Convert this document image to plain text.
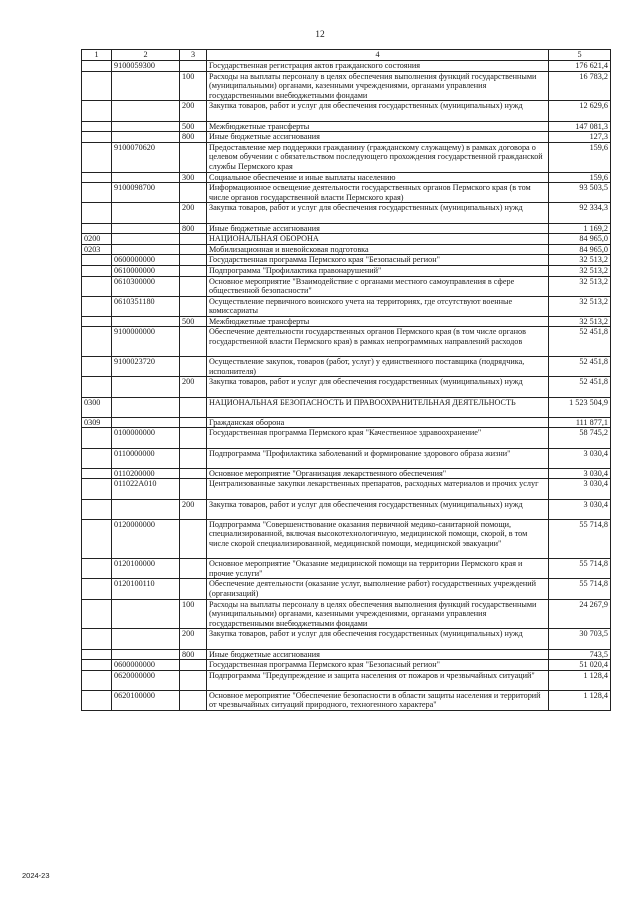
12
1	2	3	4	5
	9100059300		Государственная регистрация актов гражданского состояния	176 621,4
		100	Расходы на выплаты персоналу в целях обеспечения выполнения функций государственными (муниципальными) органами, казенными учреждениями, органами управления государственными внебюджетными фондами	16 783,2
		200	Закупка товаров, работ и услуг для обеспечения государственных (муниципальных) нужд	12 629,6
		500	Межбюджетные трансферты	147 081,3
		800	Иные бюджетные ассигнования	127,3
	9100070620		Предоставление мер поддержки гражданину (гражданскому служащему) в рамках договора о целевом обучении с обязательством последующего прохождения государственной гражданской службы Пермского края	159,6
		300	Социальное обеспечение и иные выплаты населению	159,6
	9100098700		Информационное освещение деятельности государственных органов Пермского края (в том числе органов государственной власти Пермского края)	93 503,5
		200	Закупка товаров, работ и услуг для обеспечения государственных (муниципальных) нужд	92 334,3
		800	Иные бюджетные ассигнования	1 169,2
0200			НАЦИОНАЛЬНАЯ ОБОРОНА	84 965,0
0203			Мобилизационная и вневойсковая подготовка	84 965,0
	0600000000		Государственная программа Пермского края "Безопасный регион"	32 513,2
	0610000000		Подпрограмма "Профилактика правонарушений"	32 513,2
	0610300000		Основное мероприятие "Взаимодействие с органами местного самоуправления в сфере общественной безопасности"	32 513,2
	0610351180		Осуществление первичного воинского учета на территориях, где отсутствуют военные комиссариаты	32 513,2
		500	Межбюджетные трансферты	32 513,2
	9100000000		Обеспечение деятельности государственных органов Пермского края (в том числе органов государственной власти Пермского края) в рамках непрограммных направлений расходов	52 451,8
	9100023720		Осуществление закупок, товаров (работ, услуг) у единственного поставщика (подрядчика, исполнителя)	52 451,8
		200	Закупка товаров, работ и услуг для обеспечения государственных (муниципальных) нужд	52 451,8
0300			НАЦИОНАЛЬНАЯ БЕЗОПАСНОСТЬ И ПРАВООХРАНИТЕЛЬНАЯ ДЕЯТЕЛЬНОСТЬ	1 523 504,9
0309			Гражданская оборона	111 877,1
	0100000000		Государственная программа Пермского края "Качественное здравоохранение"	58 745,2
	0110000000		Подпрограмма "Профилактика заболеваний и формирование здорового образа жизни"	3 030,4
	0110200000		Основное мероприятие "Организация лекарственного обеспечения"	3 030,4
	011022А010		Централизованные закупки лекарственных препаратов, расходных материалов и прочих услуг	3 030,4
		200	Закупка товаров, работ и услуг для обеспечения государственных (муниципальных) нужд	3 030,4
	0120000000		Подпрограмма "Совершенствование оказания первичной медико-санитарной помощи, специализированной, включая высокотехнологичную, медицинской помощи, скорой, в том числе скорой специализированной, медицинской помощи, медицинской эвакуации"	55 714,8
	0120100000		Основное мероприятие "Оказание медицинской помощи на территории Пермского края и прочие услуги"	55 714,8
	0120100110		Обеспечение деятельности (оказание услуг, выполнение работ) государственных учреждений (организаций)	55 714,8
		100	Расходы на выплаты персоналу в целях обеспечения выполнения функций государственными (муниципальными) органами, казенными учреждениями, органами управления государственными внебюджетными фондами	24 267,9
		200	Закупка товаров, работ и услуг для обеспечения государственных (муниципальных) нужд	30 703,5
		800	Иные бюджетные ассигнования	743,5
	0600000000		Государственная программа Пермского края "Безопасный регион"	51 020,4
	0620000000		Подпрограмма "Предупреждение и защита населения от пожаров и чрезвычайных ситуаций"	1 128,4
	0620100000		Основное мероприятие "Обеспечение безопасности в области защиты населения и территорий от чрезвычайных ситуаций природного, техногенного характера"	1 128,4
2024-23
